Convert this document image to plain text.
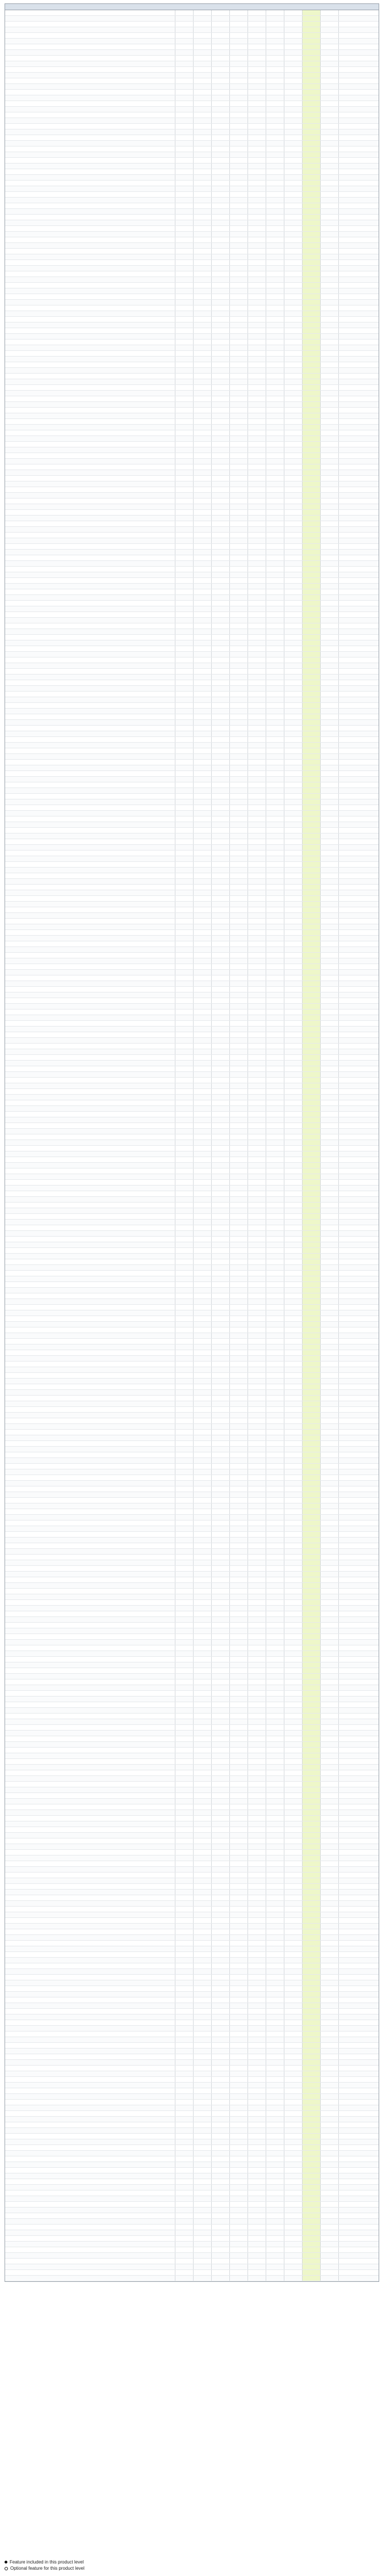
Feature included in this product level
Optional feature for this product level
